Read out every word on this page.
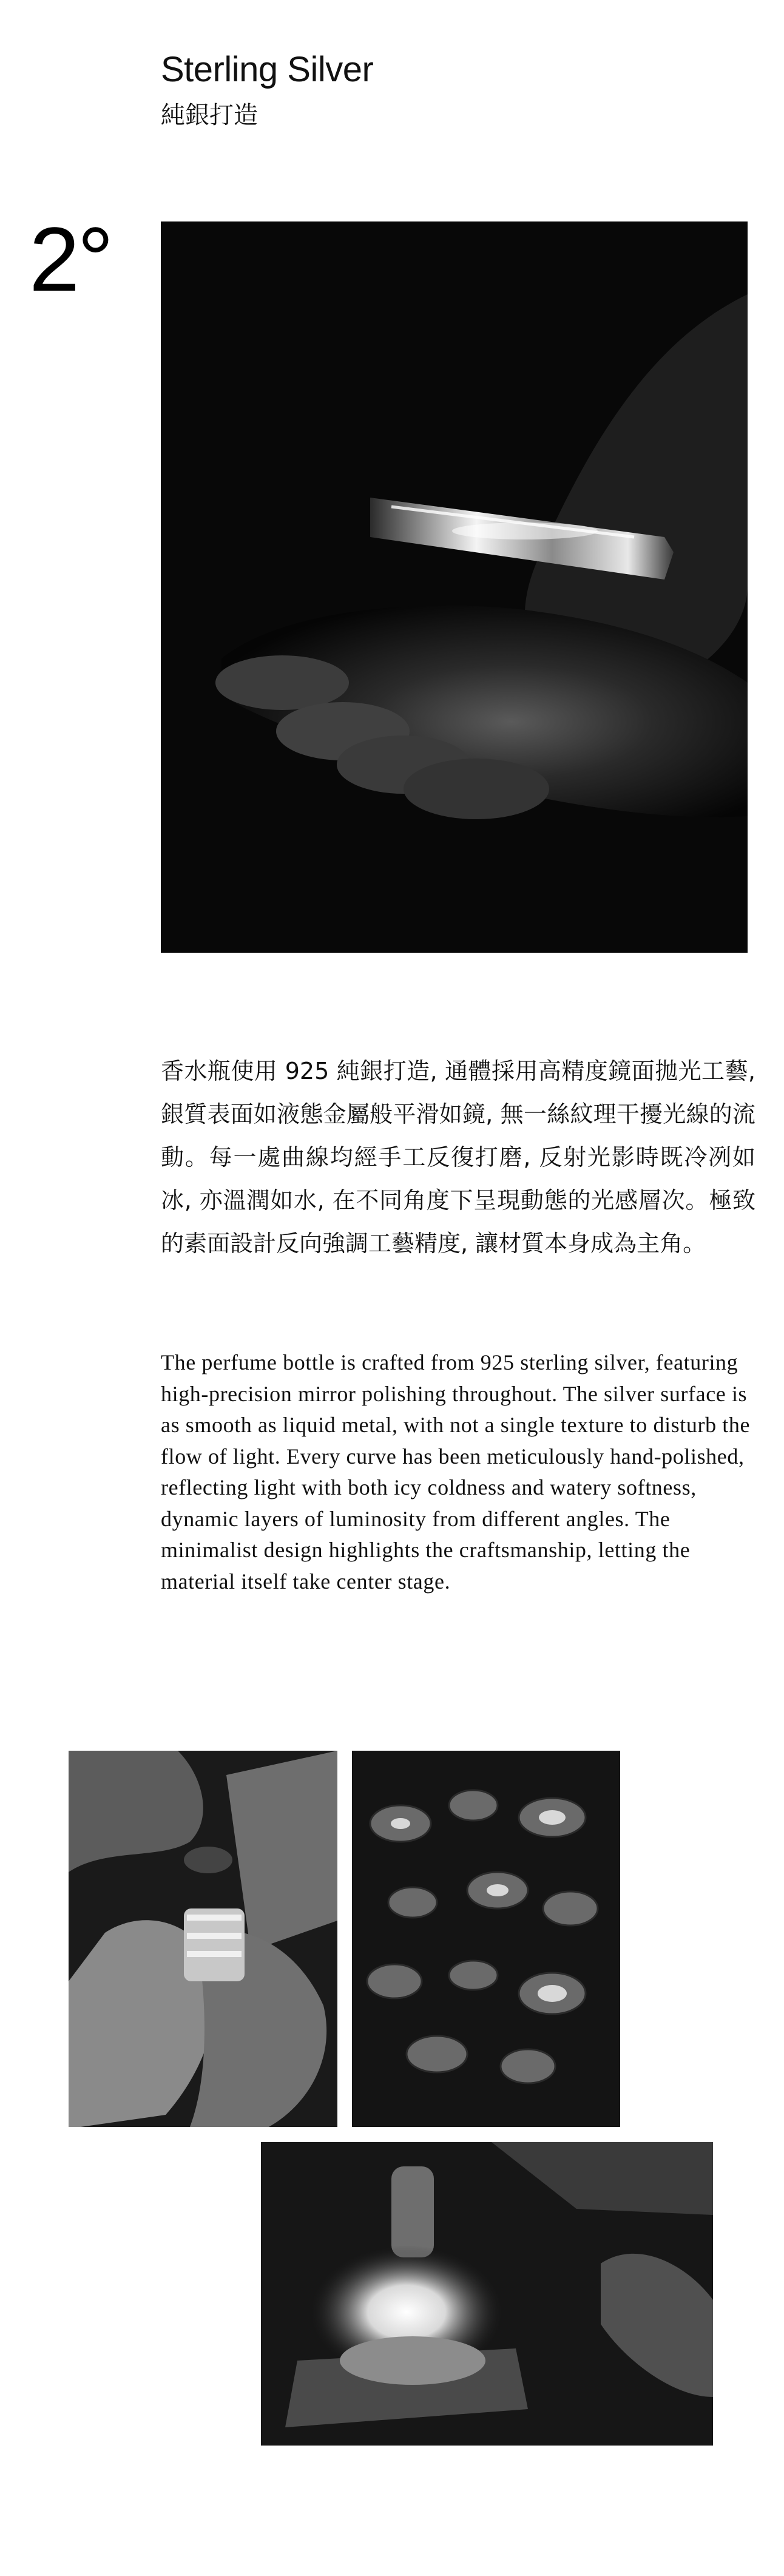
Sterling Silver
純銀打造
2°
香水瓶使用 925 純銀打造, 通體採用高精度鏡面拋光工藝, 銀質表面如液態金屬般平滑如鏡, 無一絲紋理干擾光線的流動。每一處曲線均經手工反復打磨, 反射光影時既冷冽如冰, 亦溫潤如水, 在不同角度下呈現動態的光感層次。極致的素面設計反向強調工藝精度, 讓材質本身成為主角。
The perfume bottle is crafted from 925 sterling silver, featuring high-precision mirror polishing throughout. The silver surface is as smooth as liquid metal, with not a single texture to disturb the flow of light. Every curve has been meticulously hand-polished, reflecting light with both icy coldness and watery softness, dynamic layers of luminosity from different angles. The minimalist design highlights the craftsmanship, letting the material itself take center stage.
